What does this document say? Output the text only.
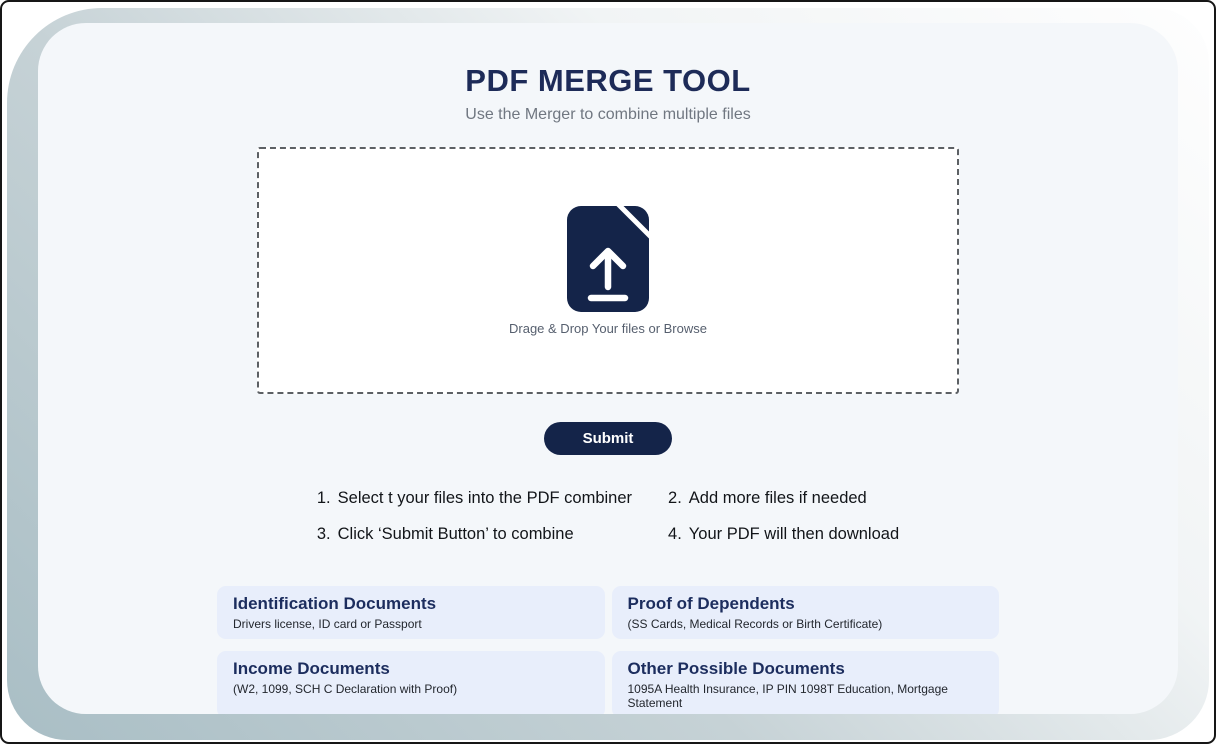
PDF MERGE TOOL

Use the Merger to combine multiple files

Drage & Drop Your files or Browse
Submit
1. Select t your files into the PDF combiner 2. Add more files if needed
3. Click ‘Submit Button’ to combine	4. Your PDF will then download
Identification Documents
Drivers license, ID card or Passport
Proof of Dependents
(SS Cards, Medical Records or Birth Certificate)
Income Documents
(W2, 1099, SCH C Declaration with Proof)
Other Possible Documents
1095A Health Insurance, IP PIN 1098T Education, Mortgage Statement
